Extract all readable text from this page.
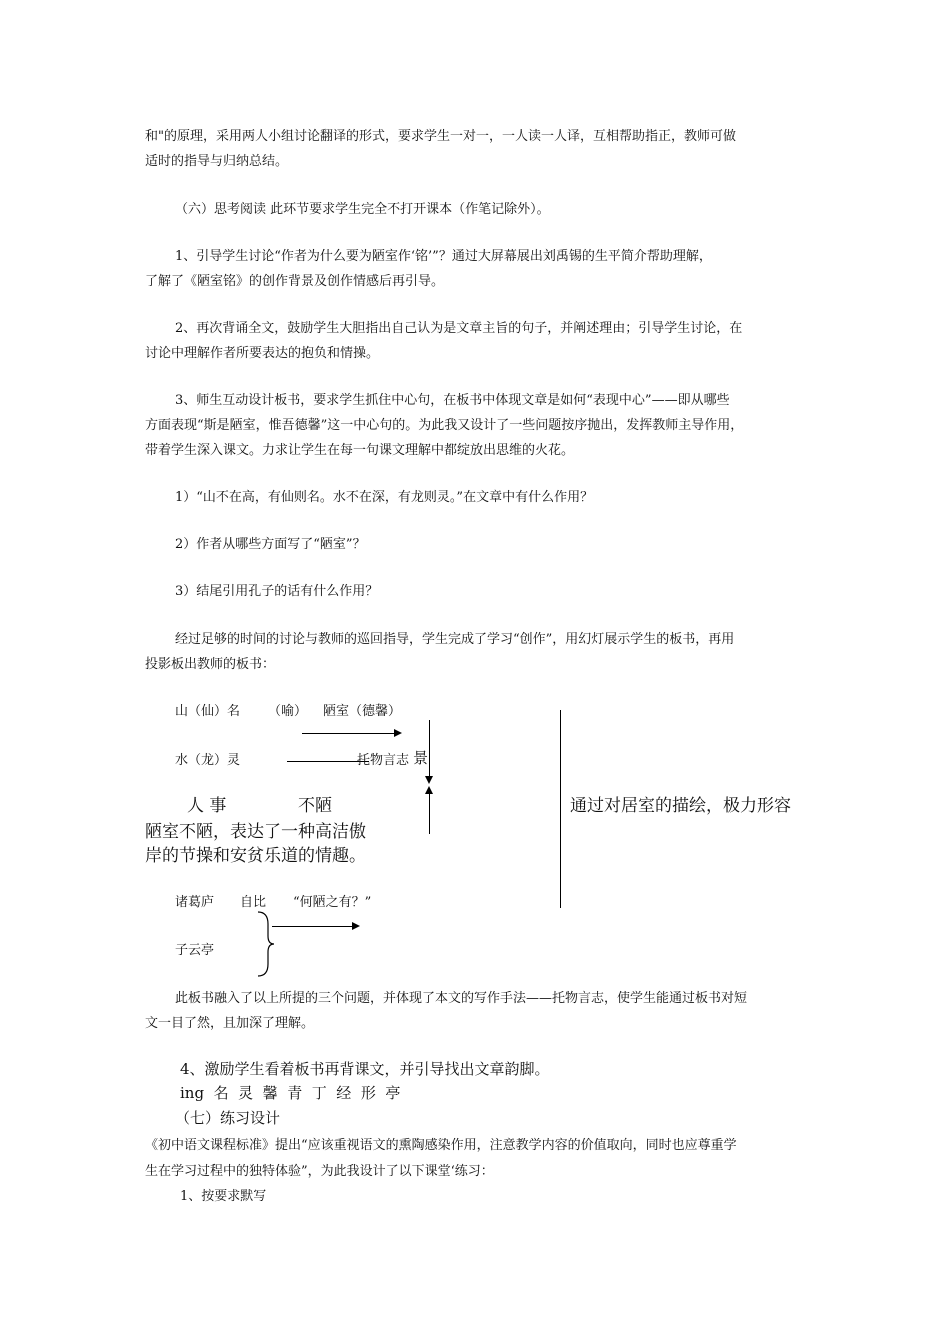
和"的原理，采用两人小组讨论翻译的形式，要求学生一对一，一人读一人译，互相帮助指正，教师可做
适时的指导与归纳总结。
（六）思考阅读 此环节要求学生完全不打开课本（作笔记除外）。
1、引导学生讨论“作者为什么要为陋室作‘铭’”？通过大屏幕展出刘禹锡的生平简介帮助理解，
了解了《陋室铭》的创作背景及创作情感后再引导。
2、再次背诵全文，鼓励学生大胆指出自己认为是文章主旨的句子，并阐述理由；引导学生讨论，在
讨论中理解作者所要表达的抱负和情操。
3、师生互动设计板书，要求学生抓住中心句，在板书中体现文章是如何“表现中心”——即从哪些
方面表现“斯是陋室，惟吾德馨”这一中心句的。为此我又设计了一些问题按序抛出，发挥教师主导作用，
带着学生深入课文。力求让学生在每一句课文理解中都绽放出思维的火花。
1）“山不在高，有仙则名。水不在深，有龙则灵。”在文章中有什么作用？
2）作者从哪些方面写了“陋室”？
3）结尾引用孔子的话有什么作用？
经过足够的时间的讨论与教师的巡回指导，学生完成了学习“创作”，用幻灯展示学生的板书，再用
投影板出教师的板书：
山（仙）名 （喻） 陋室（德馨）
水（龙）灵	托物言志 景
人 事	不陋
陋室不陋，表达了一种高洁傲
岸的节操和安贫乐道的情趣。
通过对居室的描绘，极力形容
诸葛庐 自比 “何陋之有？”
子云亭
此板书融入了以上所提的三个问题，并体现了本文的写作手法——托物言志，使学生能通过板书对短
文一目了然，且加深了理解。
4、激励学生看着板书再背课文，并引导找出文章韵脚。
ing  名  灵  馨  青  丁  经  形  亭
（七）练习设计
《初中语文课程标准》提出“应该重视语文的熏陶感染作用，注意教学内容的价值取向，同时也应尊重学
生在学习过程中的独特体验”，为此我设计了以下课堂‘练习：
1、按要求默写
